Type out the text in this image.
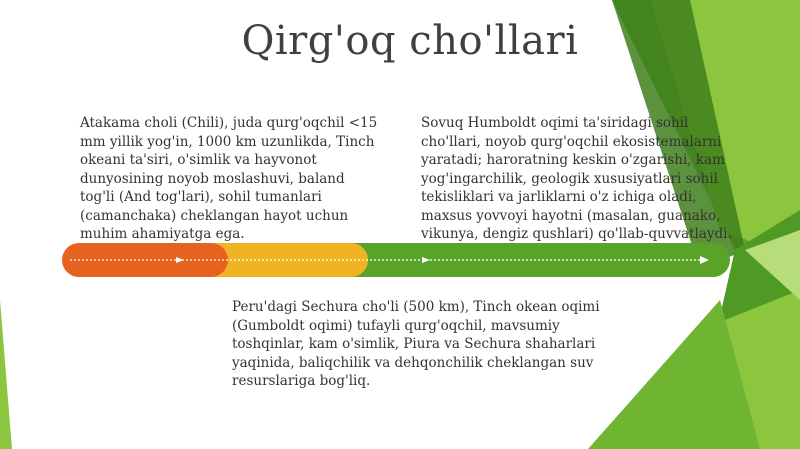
Qirg'oq cho'llari
Atakama choli (Chili), juda qurg'oqchil <15 mm yillik yog'in, 1000 km uzunlikda, Tinch okeani ta'siri, o'simlik va hayvonot dunyosining noyob moslashuvi, baland tog'li (And tog'lari), sohil tumanlari (camanchaka) cheklangan hayot uchun muhim ahamiyatga ega.
Sovuq Humboldt oqimi ta'siridagi sohil cho'llari, noyob qurg'oqchil ekosistemalarni yaratadi; haroratning keskin o'zgarishi, kam yog'ingarchilik, geologik xususiyatlari sohil tekisliklari va jarliklarni o'z ichiga oladi, maxsus yovvoyi hayotni (masalan, guanako, vikunya, dengiz qushlari) qo'llab-quvvatlaydi.
Peru'dagi Sechura cho'li (500 km), Tinch okean oqimi (Gumboldt oqimi) tufayli qurg'oqchil, mavsumiy toshqinlar, kam o'simlik, Piura va Sechura shaharlari yaqinida, baliqchilik va dehqonchilik cheklangan suv resurslariga bog'liq.
